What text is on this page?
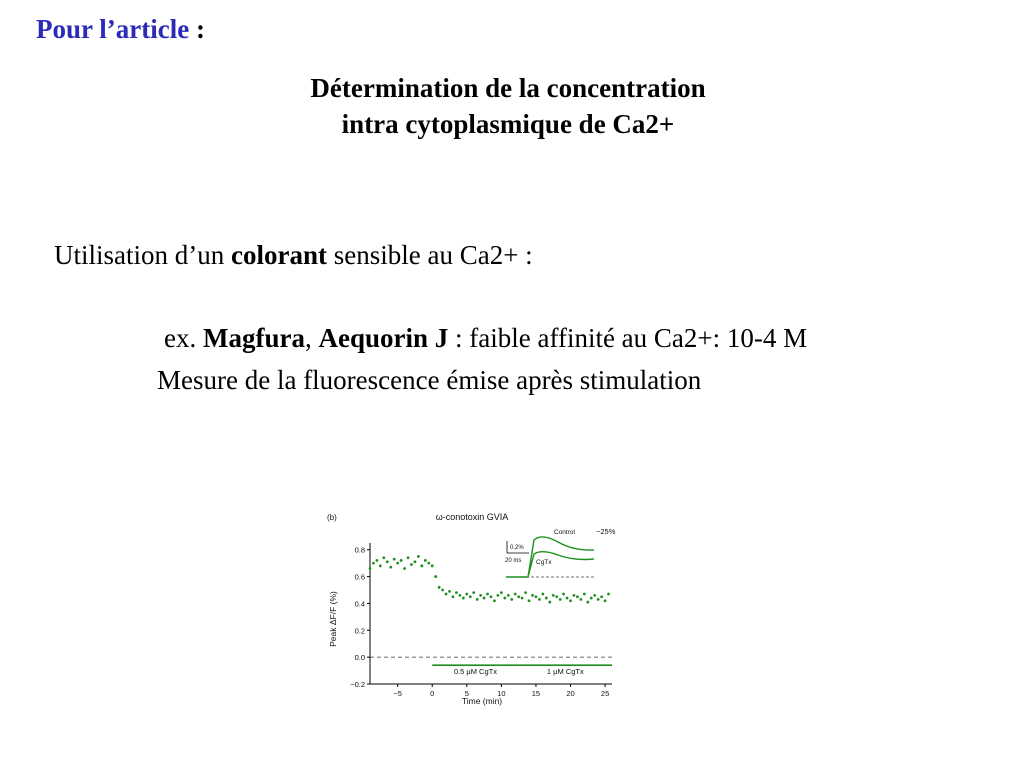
Pour l’article :
Détermination de la concentration
intra cytoplasmique de Ca2+
Utilisation d’un colorant sensible au Ca2+ :
ex. Magfura, Aequorin J : faible affinité au Ca2+: 10-4 M
Mesure de la fluorescence émise après stimulation
(b)	ω-conotoxin GVIA
Time (min)
Peak ΔF/F (%)
0.8
0.6
0.4
0.2
0.0
−0.2
−5	0	5	10	15	20	25
0.5 μM CgTx	1 μM CgTx
Control
CgTx
−25%
0.2%
20 ms
